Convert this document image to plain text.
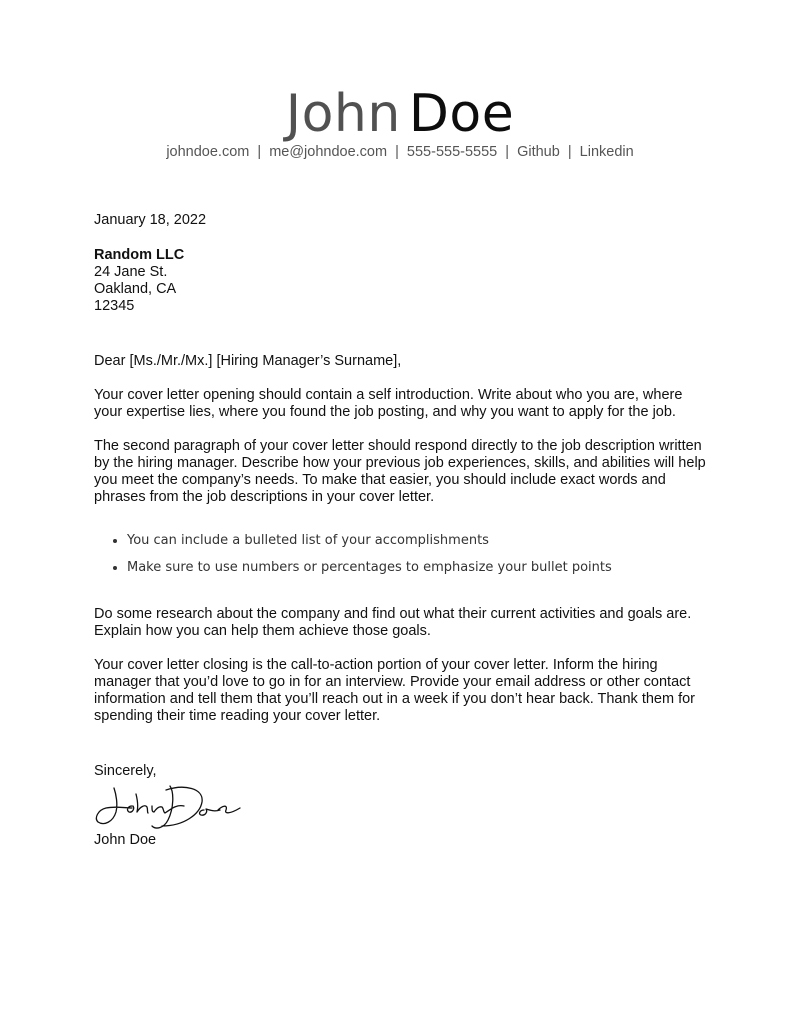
John Doe
johndoe.com | me@johndoe.com | 555-555-5555 | Github | Linkedin
January 18, 2022
Random LLC
24 Jane St.
Oakland, CA
12345
Dear [Ms./Mr./Mx.] [Hiring Manager’s Surname],
Your cover letter opening should contain a self introduction. Write about who you are, where your expertise lies, where you found the job posting, and why you want to apply for the job.
The second paragraph of your cover letter should respond directly to the job description written by the hiring manager. Describe how your previous job experiences, skills, and abilities will help you meet the company’s needs. To make that easier, you should include exact words and phrases from the job descriptions in your cover letter.
• You can include a bulleted list of your accomplishments
• Make sure to use numbers or percentages to emphasize your bullet points
Do some research about the company and find out what their current activities and goals are. Explain how you can help them achieve those goals.
Your cover letter closing is the call-to-action portion of your cover letter. Inform the hiring manager that you’d love to go in for an interview. Provide your email address or other contact information and tell them that you’ll reach out in a week if you don’t hear back. Thank them for spending their time reading your cover letter.
Sincerely,
John Doe
